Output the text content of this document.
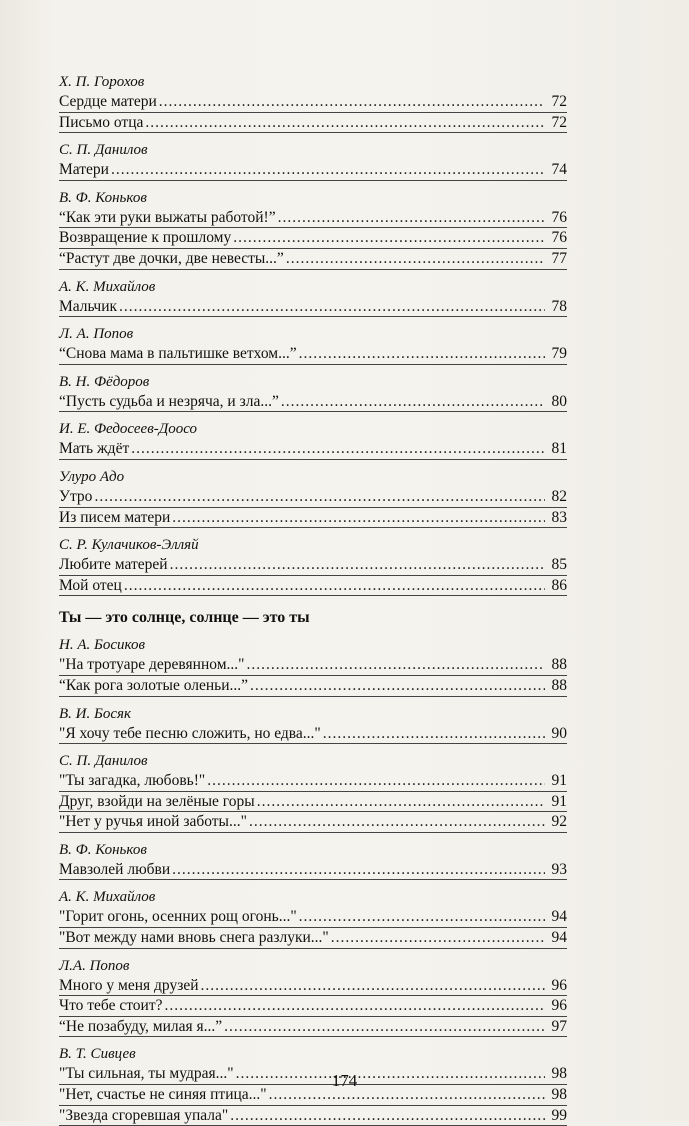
Х. П. Горохов
Сердце матери .....	72
Письмо отца .....	72
С. П. Данилов
Матери .....	74
В. Ф. Коньков
“Как эти руки выжаты работой!” .....	76
Возвращение к прошлому .....	76
“Растут две дочки, две невесты...” .....	77
А. К. Михайлов
Мальчик .....	78
Л. А. Попов
“Снова мама в пальтишке ветхом...” .....	79
В. Н. Фёдоров
“Пусть судьба и незряча, и зла...” .....	80
И. Е. Федосеев-Доосо
Мать ждёт .....	81
Улуро Адо
Утро .....	82
Из писем матери .....	83
С. Р. Кулачиков-Элляй
Любите матерей .....	85
Мой отец .....	86
Ты — это солнце, солнце — это ты
Н. А. Босиков
"На тротуаре деревянном..." .....	88
“Как рога золотые оленьи...” .....	88
В. И. Босяк
"Я хочу тебе песню сложить, но едва..." .....	90
С. П. Данилов
"Ты загадка, любовь!" .....	91
Друг, взойди на зелёные горы .....	91
"Нет у ручья иной заботы..." .....	92
В. Ф. Коньков
Мавзолей любви .....	93
А. К. Михайлов
"Горит огонь, осенних рощ огонь..." .....	94
"Вот между нами вновь снега разлуки..." .....	94
Л.А. Попов
Много у меня друзей .....	96
Что тебе стоит? .....	96
“Не позабуду, милая я...” .....	97
В. Т. Сивцев
"Ты сильная, ты мудрая..." .....	98
"Нет, счастье не синяя птица..." .....	98
"Звезда сгоревшая упала" .....	99
174
